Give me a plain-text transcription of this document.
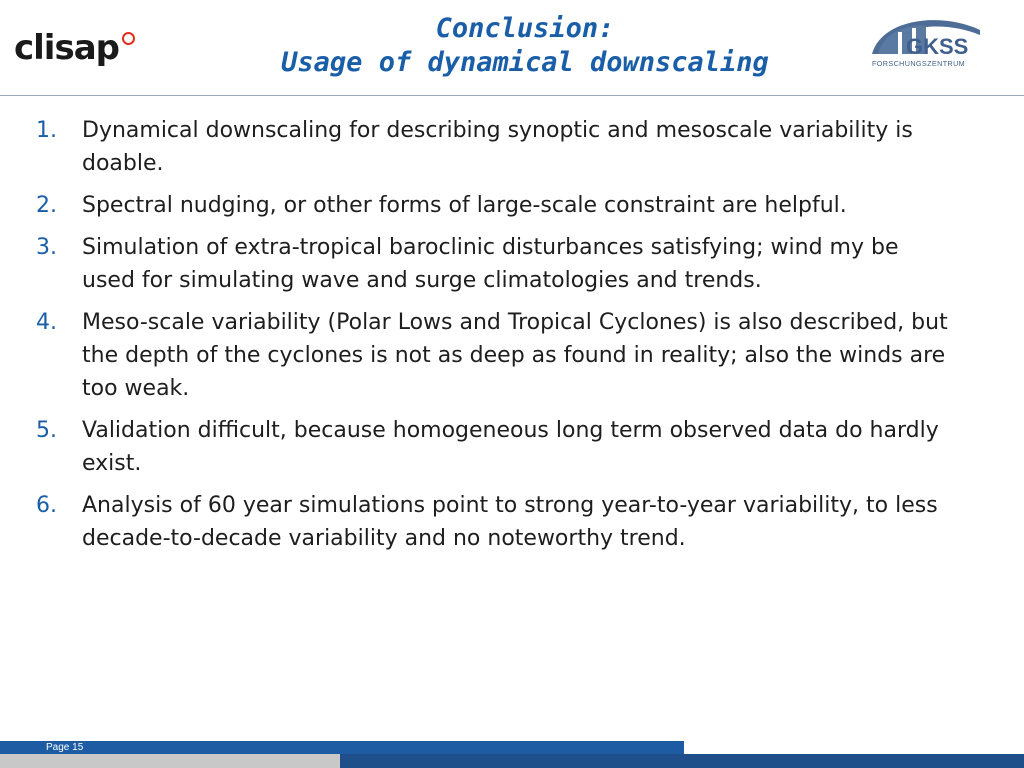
clisap	Conclusion:
Usage of dynamical downscaling
GKSS
FORSCHUNGSZENTRUM
1.	Dynamical downscaling for describing synoptic and mesoscale variability is doable.
2.	Spectral nudging, or other forms of large-scale constraint are helpful.
3.	Simulation of extra-tropical baroclinic disturbances satisfying; wind my be used for simulating wave and surge climatologies and trends.
4.	Meso-scale variability (Polar Lows and Tropical Cyclones) is also described, but the depth of the cyclones is not as deep as found in reality; also the winds are too weak.
5.	Validation difficult, because homogeneous long term observed data do hardly exist.
6.	Analysis of 60 year simulations point to strong year-to-year variability, to less decade-to-decade variability and no noteworthy trend.
Page 15
